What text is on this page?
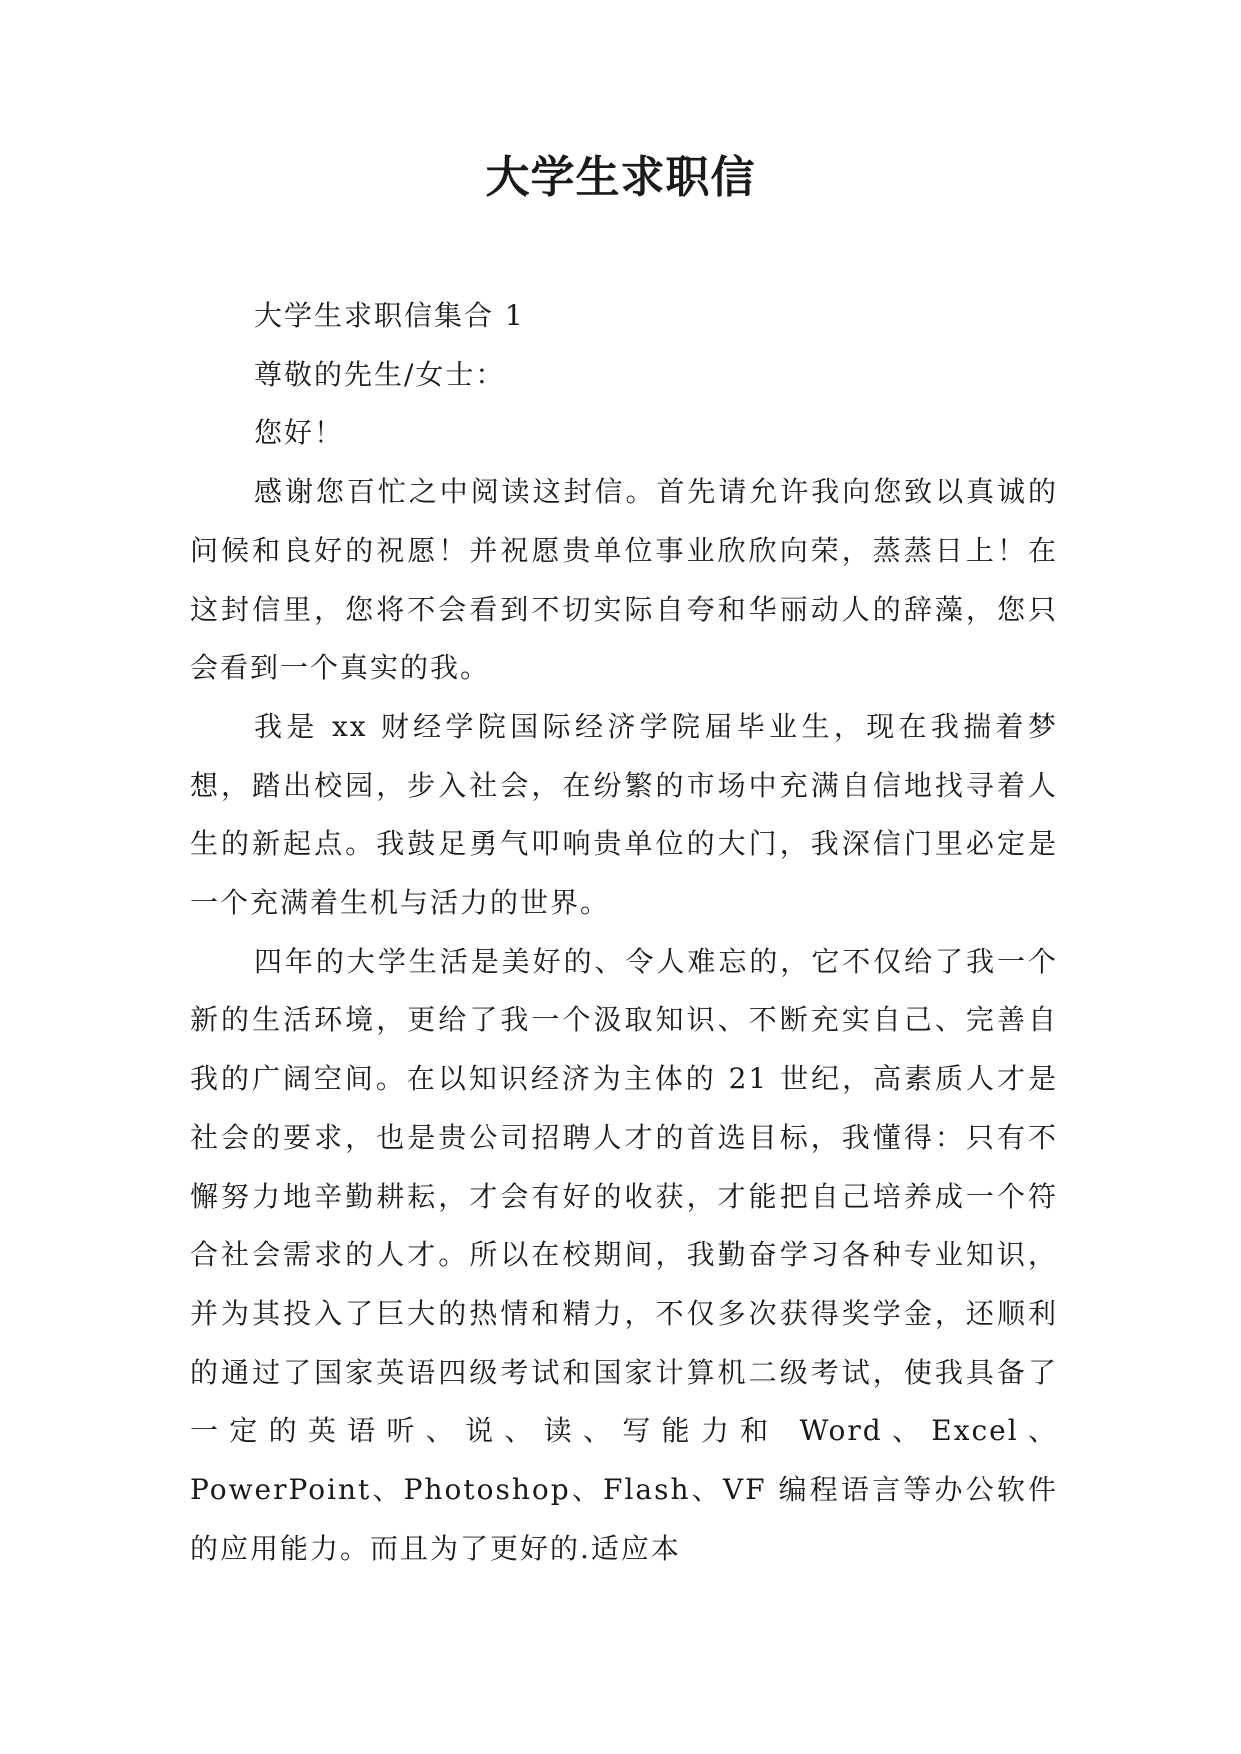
大学生求职信

大学生求职信集合 1

尊敬的先生/女士：

您好！

感谢您百忙之中阅读这封信。首先请允许我向您致以真诚的问候和良好的祝愿！并祝愿贵单位事业欣欣向荣，蒸蒸日上！在这封信里，您将不会看到不切实际自夸和华丽动人的辞藻，您只会看到一个真实的我。

我是 xx 财经学院国际经济学院届毕业生，现在我揣着梦想，踏出校园，步入社会，在纷繁的市场中充满自信地找寻着人生的新起点。我鼓足勇气叩响贵单位的大门，我深信门里必定是一个充满着生机与活力的世界。

四年的大学生活是美好的、令人难忘的，它不仅给了我一个新的生活环境，更给了我一个汲取知识、不断充实自己、完善自我的广阔空间。在以知识经济为主体的 21 世纪，高素质人才是社会的要求，也是贵公司招聘人才的首选目标，我懂得：只有不懈努力地辛勤耕耘，才会有好的收获，才能把自己培养成一个符合社会需求的人才。所以在校期间，我勤奋学习各种专业知识，并为其投入了巨大的热情和精力，不仅多次获得奖学金，还顺利的通过了国家英语四级考试和国家计算机二级考试，使我具备了一定的英语听、说、读、写能力和 Word、Excel、PowerPoint、Photoshop、Flash、VF 编程语言等办公软件的应用能力。而且为了更好的.适应本
